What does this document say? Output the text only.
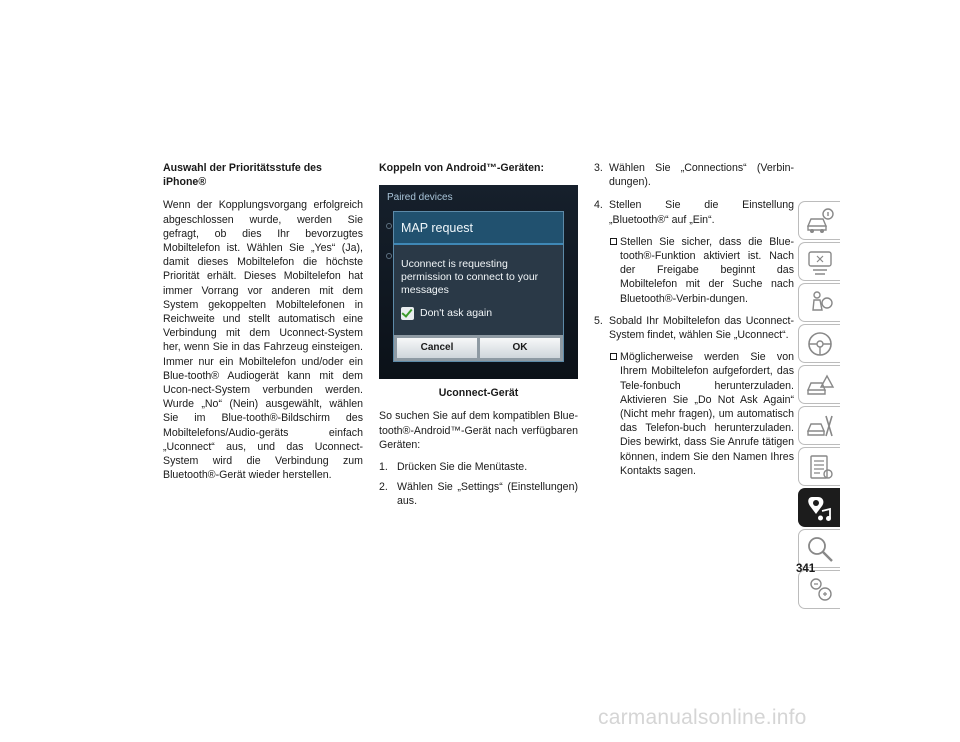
Auswahl der Prioritätsstufe des iPhone®
Wenn der Kopplungsvorgang erfolgreich abgeschlossen wurde, werden Sie gefragt, ob dies Ihr bevorzugtes Mobiltelefon ist. Wählen Sie „Yes“ (Ja), damit dieses Mobiltelefon die höchste Priorität erhält. Dieses Mobiltelefon hat immer Vorrang vor anderen mit dem System gekoppelten Mobiltelefonen in Reichweite und stellt automatisch eine Verbindung mit dem Uconnect-System her, wenn Sie in das Fahrzeug einsteigen. Immer nur ein Mobiltelefon und/oder ein Blue-tooth® Audiogerät kann mit dem Ucon-nect-System verbunden werden. Wurde „No“ (Nein) ausgewählt, wählen Sie im Blue-tooth®-Bildschirm des Mobiltelefons/Audio-geräts einfach „Uconnect“ aus, und das Uconnect-System wird die Verbindung zum Bluetooth®-Gerät wieder herstellen.
Koppeln von Android™-Geräten:
Paired devices
MAP request
Uconnect is requesting permission to connect to your messages
Don't ask again
Cancel	OK
Uconnect-Gerät
So suchen Sie auf dem kompatiblen Blue-tooth®-Android™-Gerät nach verfügbaren Geräten:
1. Drücken Sie die Menütaste.
2. Wählen Sie „Settings“ (Einstellungen) aus.
3. Wählen Sie „Connections“ (Verbin-dungen).
4. Stellen Sie die Einstellung „Bluetooth®“ auf „Ein“.
Stellen Sie sicher, dass die Blue-tooth®-Funktion aktiviert ist. Nach der Freigabe beginnt das Mobiltelefon mit der Suche nach Bluetooth®-Verbin-dungen.
5. Sobald Ihr Mobiltelefon das Uconnect-System findet, wählen Sie „Uconnect“.
Möglicherweise werden Sie von Ihrem Mobiltelefon aufgefordert, das Tele-fonbuch herunterzuladen. Aktivieren Sie „Do Not Ask Again“ (Nicht mehr fragen), um automatisch das Telefon-buch herunterzuladen. Dies bewirkt, dass Sie Anrufe tätigen können, indem Sie den Namen Ihres Kontakts sagen.
341
carmanualsonline.info
